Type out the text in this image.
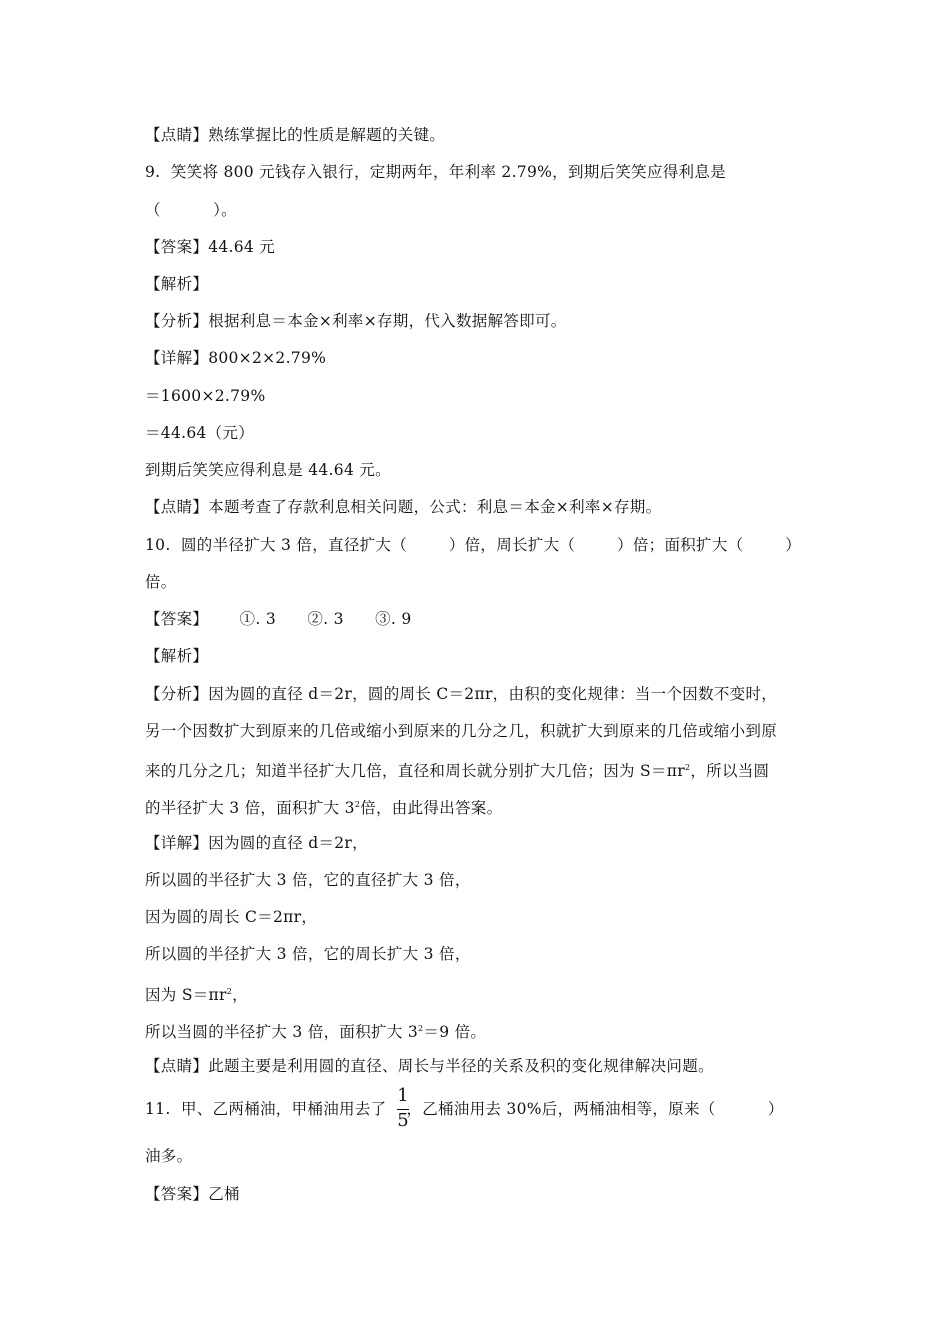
【点睛】熟练掌握比的性质是解题的关键。
9.  笑笑将 800 元钱存入银行，定期两年，年利率 2.79%，到期后笑笑应得利息是
（          ）。
【答案】44.64 元
【解析】
【分析】根据利息＝本金×利率×存期，代入数据解答即可。
【详解】800×2×2.79%
＝1600×2.79%
＝44.64（元）
到期后笑笑应得利息是 44.64 元。
【点睛】本题考查了存款利息相关问题，公式：利息＝本金×利率×存期。
10.  圆的半径扩大 3 倍，直径扩大（        ）倍，周长扩大（        ）倍；面积扩大（        ）
倍。
【答案】      ①. 3      ②. 3      ③. 9
【解析】
【分析】因为圆的直径 d＝2r，圆的周长 C＝2πr，由积的变化规律：当一个因数不变时，
另一个因数扩大到原来的几倍或缩小到原来的几分之几，积就扩大到原来的几倍或缩小到原
来的几分之几；知道半径扩大几倍，直径和周长就分别扩大几倍；因为 $S=\pi r^2$，所以当圆
的半径扩大 3 倍，面积扩大 $3^2$倍，由此得出答案。
【详解】因为圆的直径 d＝2r，
所以圆的半径扩大 3 倍，它的直径扩大 3 倍，
因为圆的周长 C＝2πr，
所以圆的半径扩大 3 倍，它的周长扩大 3 倍，
因为 $S=\pi r^2$，
所以当圆的半径扩大 3 倍，面积扩大 $3^2=9$ 倍。
【点睛】此题主要是利用圆的直径、周长与半径的关系及积的变化规律解决问题。
11.  甲、乙两桶油，甲桶油用去了 ，乙桶油用去 30%后，两桶油相等，原来（          ）
1
5
油多。
【答案】乙桶
